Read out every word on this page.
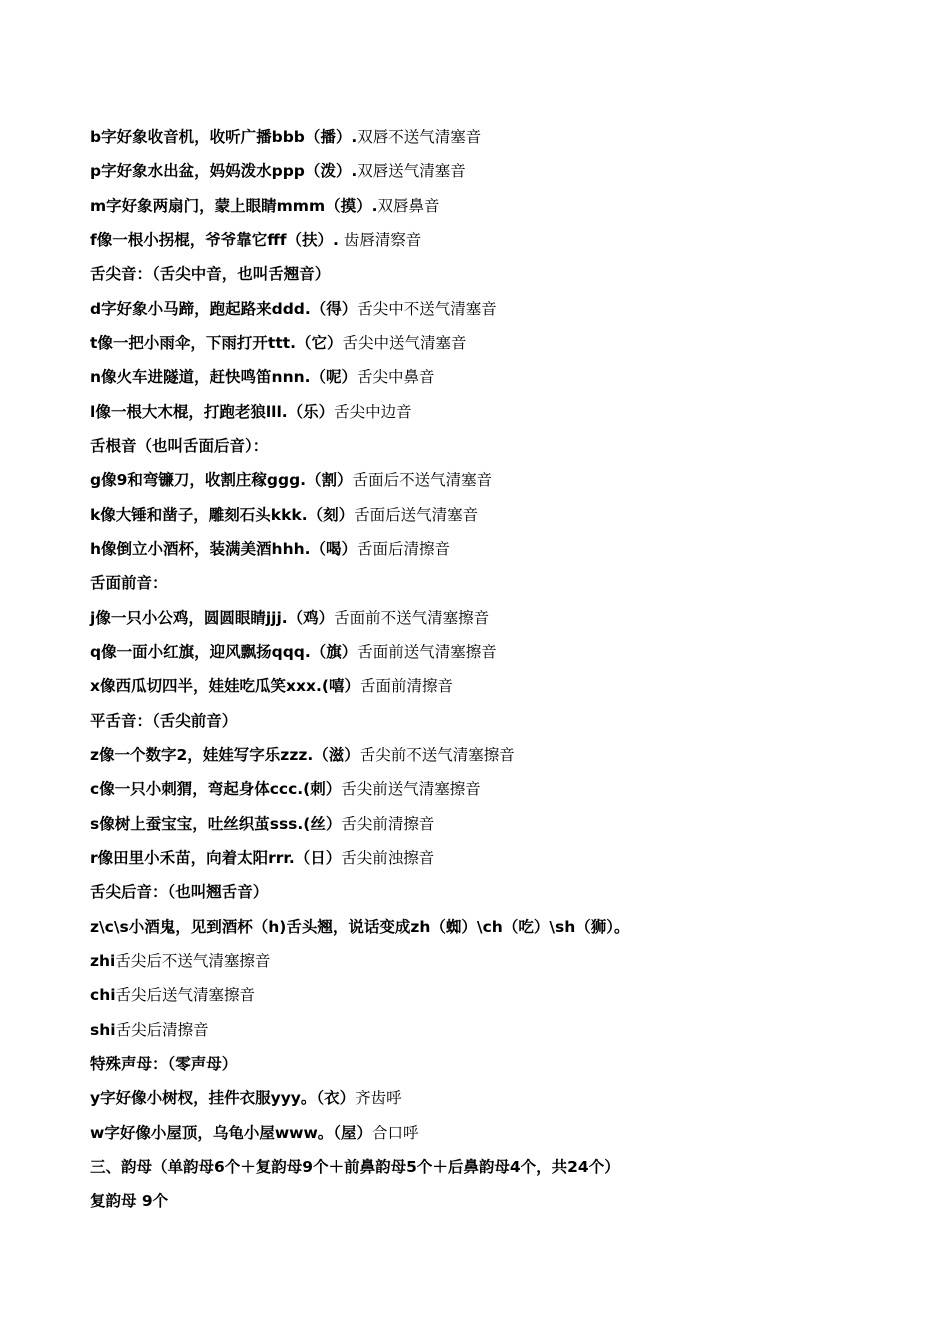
b字好象收音机，收听广播bbb（播）.双唇不送气清塞音
p字好象水出盆，妈妈泼水ppp（泼）.双唇送气清塞音
m字好象两扇门，蒙上眼睛mmm（摸）.双唇鼻音
f像一根小拐棍，爷爷靠它fff（扶）. 齿唇清察音
舌尖音：（舌尖中音，也叫舌翘音）
d字好象小马蹄，跑起路来ddd.（得）舌尖中不送气清塞音
t像一把小雨伞，下雨打开ttt.（它）舌尖中送气清塞音
n像火车进隧道，赶快鸣笛nnn.（呢）舌尖中鼻音
l像一根大木棍，打跑老狼lll.（乐）舌尖中边音
舌根音（也叫舌面后音）：
g像9和弯镰刀，收割庄稼ggg.（割）舌面后不送气清塞音
k像大锤和凿子，雕刻石头kkk.（刻）舌面后送气清塞音
h像倒立小酒杯，装满美酒hhh.（喝）舌面后清擦音
舌面前音：
j像一只小公鸡，圆圆眼睛jjj.（鸡）舌面前不送气清塞擦音
q像一面小红旗，迎风飘扬qqq.（旗）舌面前送气清塞擦音
x像西瓜切四半，娃娃吃瓜笑xxx.(嘻）舌面前清擦音
平舌音：（舌尖前音）
z像一个数字2，娃娃写字乐zzz.（滋）舌尖前不送气清塞擦音
c像一只小刺猬，弯起身体ccc.(刺）舌尖前送气清塞擦音
s像树上蚕宝宝，吐丝织茧sss.(丝）舌尖前清擦音
r像田里小禾苗，向着太阳rrr.（日）舌尖前浊擦音
舌尖后音：（也叫翘舌音）
z\c\s小酒鬼，见到酒杯（h)舌头翘，说话变成zh（蜘）\ch（吃）\sh（狮）。
zhi舌尖后不送气清塞擦音
chi舌尖后送气清塞擦音
shi舌尖后清擦音
特殊声母：（零声母）
y字好像小树杈，挂件衣服yyy。（衣）齐齿呼
w字好像小屋顶，乌龟小屋www。（屋）合口呼
三、韵母（单韵母6个＋复韵母9个＋前鼻韵母5个＋后鼻韵母4个，共24个）
复韵母 9个
